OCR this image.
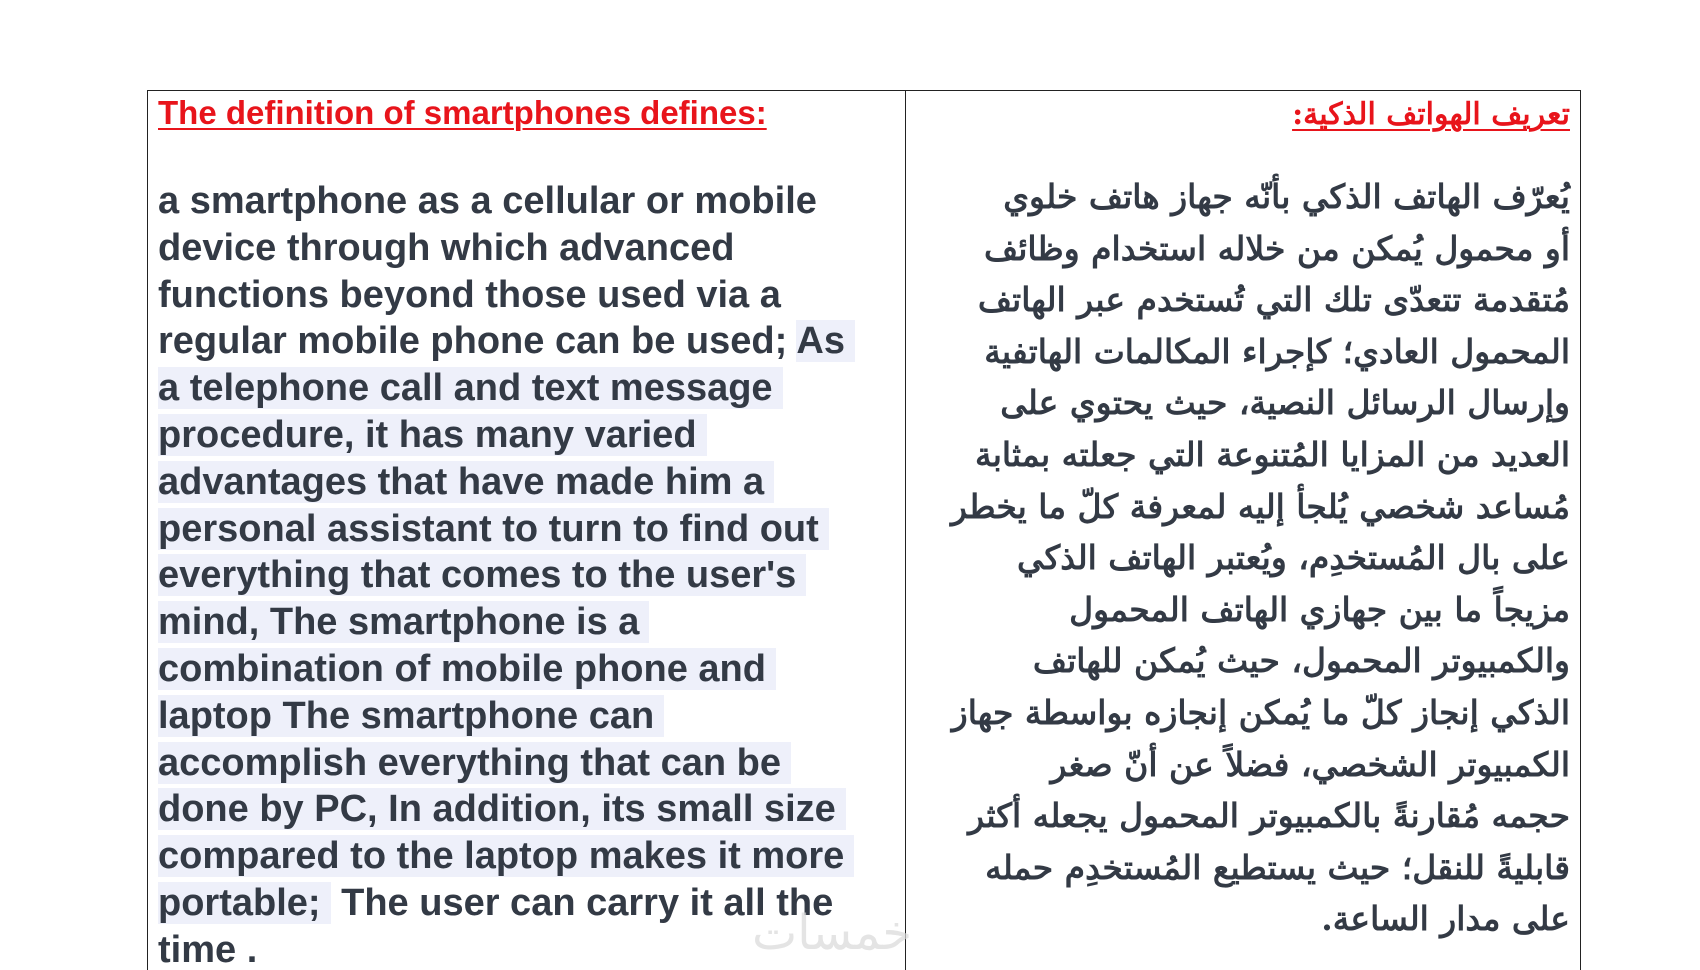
The definition of smartphones defines:

a smartphone as a cellular or mobile
device through which advanced
functions beyond those used via a
regular mobile phone can be used; As
a telephone call and text message
procedure, it has many varied
advantages that have made him a
personal assistant to turn to find out
everything that comes to the user's
mind, The smartphone is a
combination of mobile phone and
laptop The smartphone can
accomplish everything that can be
done by PC, In addition, its small size
compared to the laptop makes it more
portable; The user can carry it all the
time .

تعريف الهواتف الذكية:

يُعرّف الهاتف الذكي بأنّه جهاز هاتف خلوي
أو محمول يُمكن من خلاله استخدام وظائف
مُتقدمة تتعدّى تلك التي تُستخدم عبر الهاتف
المحمول العادي؛ كإجراء المكالمات الهاتفية
وإرسال الرسائل النصية، حيث يحتوي على
العديد من المزايا المُتنوعة التي جعلته بمثابة
مُساعد شخصي يُلجأ إليه لمعرفة كلّ ما يخطر
على بال المُستخدِم، ويُعتبر الهاتف الذكي
مزيجاً ما بين جهازي الهاتف المحمول
والكمبيوتر المحمول، حيث يُمكن للهاتف
الذكي إنجاز كلّ ما يُمكن إنجازه بواسطة جهاز
الكمبيوتر الشخصي، فضلاً عن أنّ صغر
حجمه مُقارنةً بالكمبيوتر المحمول يجعله أكثر
قابليةً للنقل؛ حيث يستطيع المُستخدِم حمله
على مدار الساعة.
خمسات
